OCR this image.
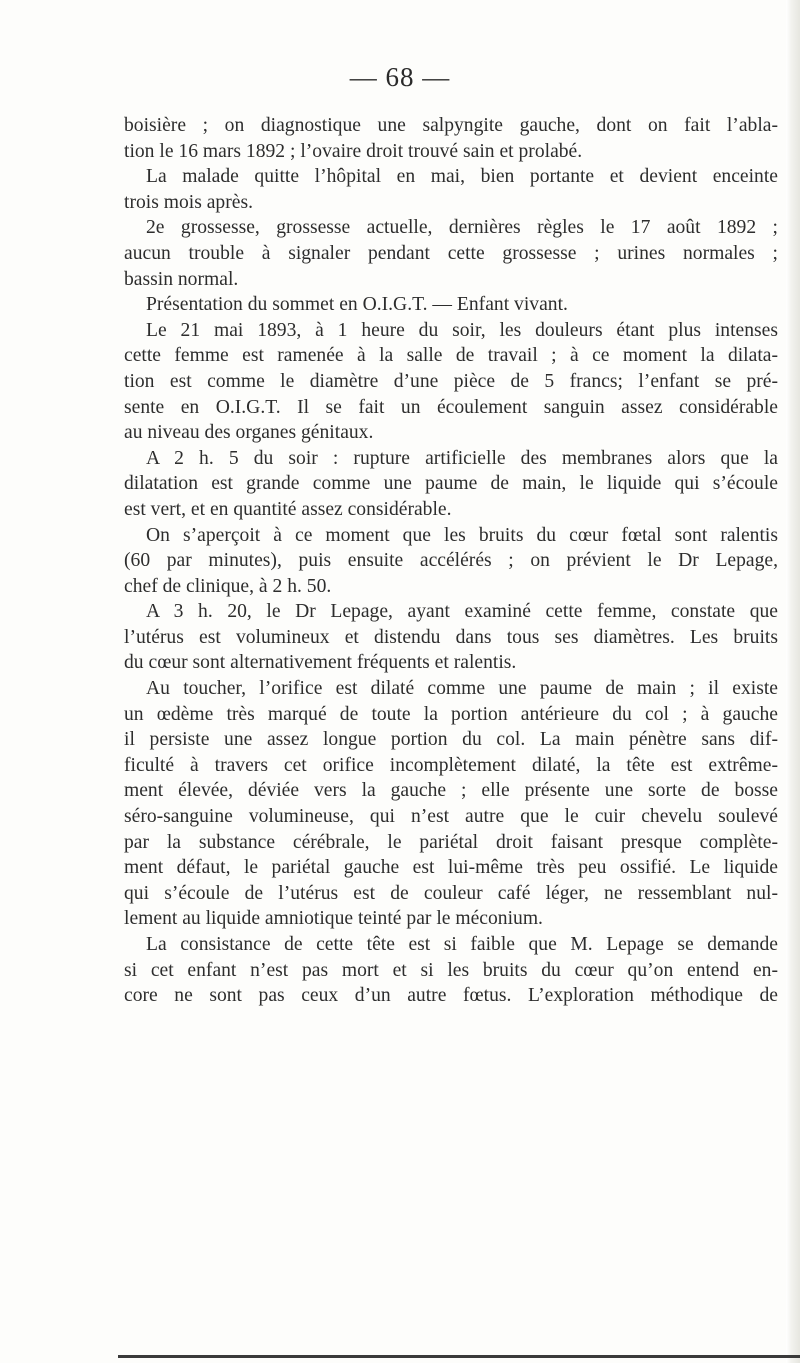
— 68 —
boisière ; on diagnostique une salpyngite gauche, dont on fait l’abla-
tion le 16 mars 1892 ; l’ovaire droit trouvé sain et prolabé.
La malade quitte l’hôpital en mai, bien portante et devient enceinte
trois mois après.
2e grossesse, grossesse actuelle, dernières règles le 17 août 1892 ;
aucun trouble à signaler pendant cette grossesse ; urines normales ;
bassin normal.
Présentation du sommet en O.I.G.T. — Enfant vivant.
Le 21 mai 1893, à 1 heure du soir, les douleurs étant plus intenses
cette femme est ramenée à la salle de travail ; à ce moment la dilata-
tion est comme le diamètre d’une pièce de 5 francs; l’enfant se pré-
sente en O.I.G.T. Il se fait un écoulement sanguin assez considérable
au niveau des organes génitaux.
A 2 h. 5 du soir : rupture artificielle des membranes alors que la
dilatation est grande comme une paume de main, le liquide qui s’écoule
est vert, et en quantité assez considérable.
On s’aperçoit à ce moment que les bruits du cœur fœtal sont ralentis
(60 par minutes), puis ensuite accélérés ; on prévient le Dr Lepage,
chef de clinique, à 2 h. 50.
A 3 h. 20, le Dr Lepage, ayant examiné cette femme, constate que
l’utérus est volumineux et distendu dans tous ses diamètres. Les bruits
du cœur sont alternativement fréquents et ralentis.
Au toucher, l’orifice est dilaté comme une paume de main ; il existe
un œdème très marqué de toute la portion antérieure du col ; à gauche
il persiste une assez longue portion du col. La main pénètre sans dif-
ficulté à travers cet orifice incomplètement dilaté, la tête est extrême-
ment élevée, déviée vers la gauche ; elle présente une sorte de bosse
séro-sanguine volumineuse, qui n’est autre que le cuir chevelu soulevé
par la substance cérébrale, le pariétal droit faisant presque complète-
ment défaut, le pariétal gauche est lui-même très peu ossifié. Le liquide
qui s’écoule de l’utérus est de couleur café léger, ne ressemblant nul-
lement au liquide amniotique teinté par le méconium.
La consistance de cette tête est si faible que M. Lepage se demande
si cet enfant n’est pas mort et si les bruits du cœur qu’on entend en-
core ne sont pas ceux d’un autre fœtus. L’exploration méthodique de
